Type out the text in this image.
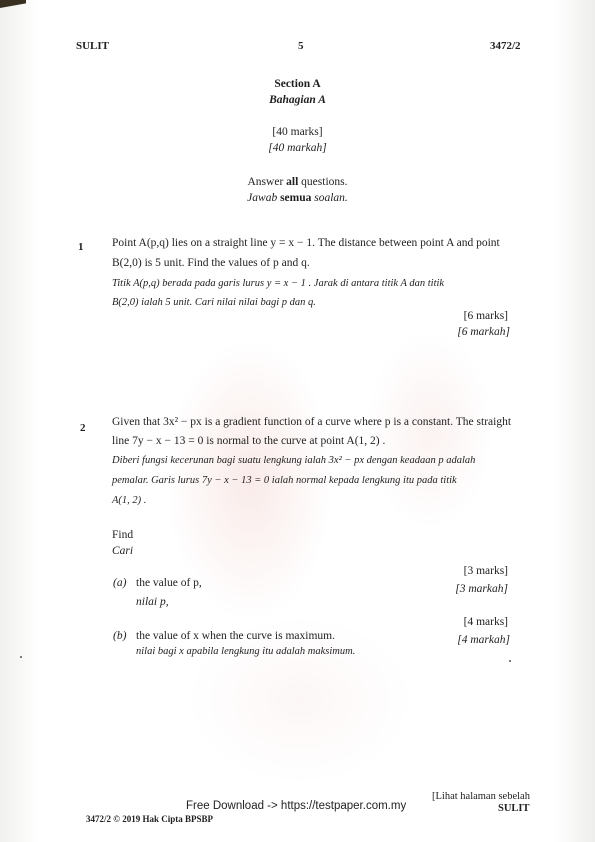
SULIT	5	3472/2
Section A
Bahagian A
[40 marks]
[40 markah]
Answer all questions.
Jawab semua soalan.
1 Point A(p,q) lies on a straight line y = x − 1. The distance between point A and point
B(2,0) is 5 unit. Find the values of p and q.
Titik A(p,q) berada pada garis lurus y = x − 1 . Jarak di antara titik A dan titik
B(2,0) ialah 5 unit. Cari nilai nilai bagi p dan q.
[6 marks]
[6 markah]
2 Given that 3x² − px is a gradient function of a curve where p is a constant. The straight
line 7y − x − 13 = 0 is normal to the curve at point A(1, 2) .
Diberi fungsi kecerunan bagi suatu lengkung ialah 3x² − px dengan keadaan p adalah
pemalar. Garis lurus 7y − x − 13 = 0 ialah normal kepada lengkung itu pada titik
A(1, 2) .
Find
Cari
(a) the value of p,
nilai p,
[3 marks]
[3 markah]
(b) the value of x when the curve is maximum.
nilai bagi x apabila lengkung itu adalah maksimum.
[4 marks]
[4 markah]
Free Download -> https://testpaper.com.my
[Lihat halaman sebelah
SULIT
3472/2 © 2019 Hak Cipta BPSBP
